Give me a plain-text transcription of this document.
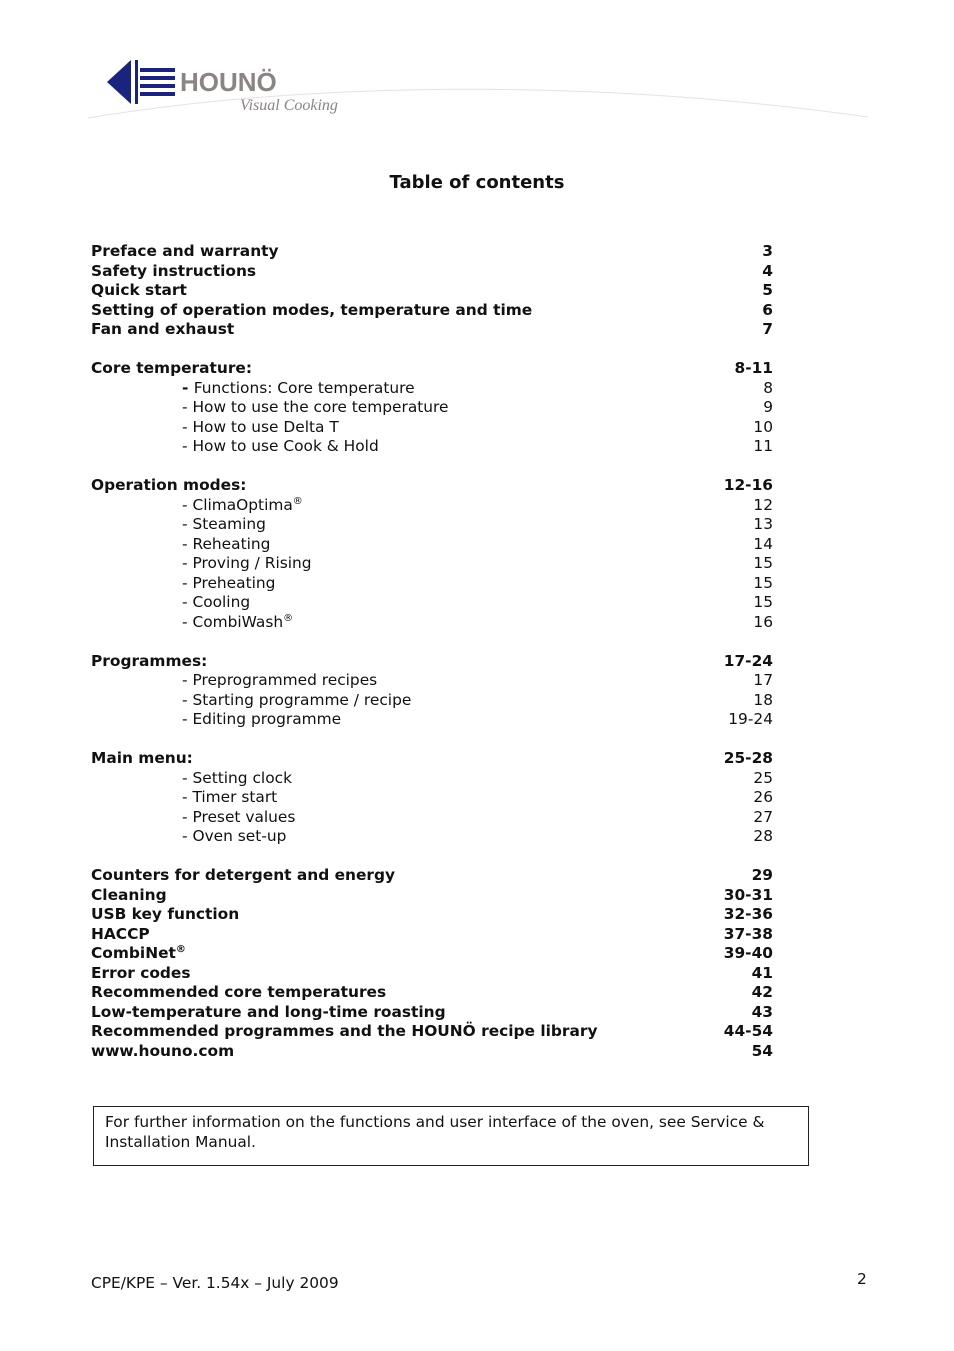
HOUNÖ
Visual Cooking
Table of contents
Preface and warranty	3
Safety instructions	4
Quick start	5
Setting of operation modes, temperature and time	6
Fan and exhaust	7
Core temperature:	8-11
- Functions: Core temperature	8
- How to use the core temperature	9
- How to use Delta T	10
- How to use Cook & Hold	11
Operation modes:	12-16
- ClimaOptima®	12
- Steaming	13
- Reheating	14
- Proving / Rising	15
- Preheating	15
- Cooling	15
- CombiWash®	16
Programmes:	17-24
- Preprogrammed recipes	17
- Starting programme / recipe	18
- Editing programme	19-24
Main menu:	25-28
- Setting clock	25
- Timer start	26
- Preset values	27
- Oven set-up	28
Counters for detergent and energy	29
Cleaning	30-31
USB key function	32-36
HACCP	37-38
CombiNet®	39-40
Error codes	41
Recommended core temperatures	42
Low-temperature and long-time roasting	43
Recommended programmes and the HOUNÖ recipe library	44-54
www.houno.com	54
For further information on the functions and user interface of the oven, see Service & Installation Manual.
CPE/KPE – Ver. 1.54x – July 2009	2
